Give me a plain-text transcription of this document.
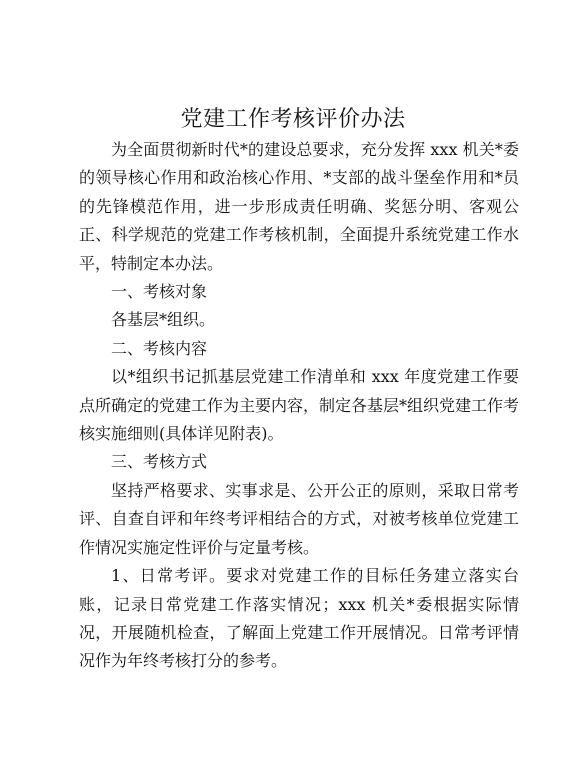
党建工作考核评价办法

为全面贯彻新时代*的建设总要求，充分发挥 xxx 机关*委的领导核心作用和政治核心作用、*支部的战斗堡垒作用和*员的先锋模范作用，进一步形成责任明确、奖惩分明、客观公正、科学规范的党建工作考核机制，全面提升系统党建工作水平，特制定本办法。

一、考核对象

各基层*组织。

二、考核内容

以*组织书记抓基层党建工作清单和 xxx 年度党建工作要点所确定的党建工作为主要内容，制定各基层*组织党建工作考核实施细则(具体详见附表)。

三、考核方式

坚持严格要求、实事求是、公开公正的原则，采取日常考评、自查自评和年终考评相结合的方式，对被考核单位党建工作情况实施定性评价与定量考核。

1、日常考评。要求对党建工作的目标任务建立落实台账，记录日常党建工作落实情况；xxx 机关*委根据实际情况，开展随机检查，了解面上党建工作开展情况。日常考评情况作为年终考核打分的参考。
